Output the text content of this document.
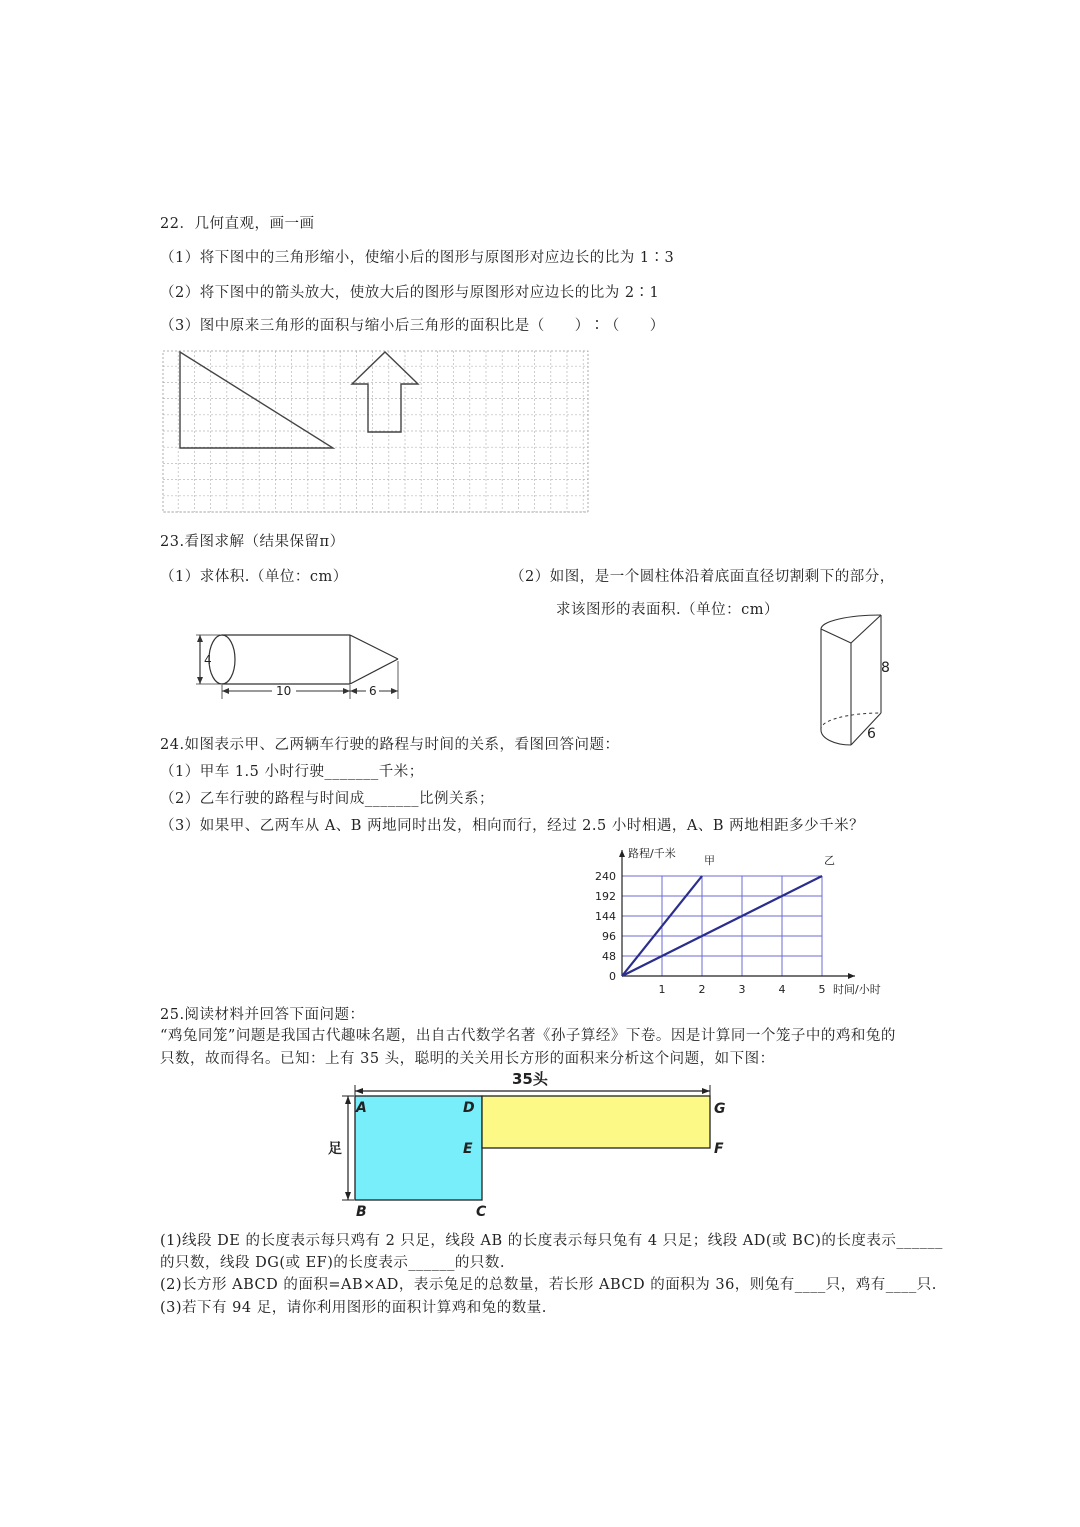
22．几何直观，画一画
（1）将下图中的三角形缩小，使缩小后的图形与原图形对应边长的比为 1∶3
（2）将下图中的箭头放大，使放大后的图形与原图形对应边长的比为 2∶1
（3）图中原来三角形的面积与缩小后三角形的面积比是（　　）∶（　　）
23.看图求解（结果保留π）
（1）求体积.（单位：cm）	（2）如图，是一个圆柱体沿着底面直径切割剩下的部分，
求该图形的表面积.（单位：cm）
4
10	6
8
6
24.如图表示甲、乙两辆车行驶的路程与时间的关系，看图回答问题：
（1）甲车 1.5 小时行驶_______千米；
（2）乙车行驶的路程与时间成_______比例关系；
（3）如果甲、乙两车从 A、B 两地同时出发，相向而行，经过 2.5 小时相遇，A、B 两地相距多少千米？
路程/千米
时间/小时
240
192
144
96
48
0
1	2	3	4	5
甲	乙
25.阅读材料并回答下面问题：
“鸡兔同笼”问题是我国古代趣味名题，出自古代数学名著《孙子算经》下卷。因是计算同一个笼子中的鸡和兔的
只数，故而得名。已知：上有 35 头，聪明的关关用长方形的面积来分析这个问题，如下图：
35头
足
A
B	C
D
E	F
G
(1)线段 DE 的长度表示每只鸡有 2 只足，线段 AB 的长度表示每只兔有 4 只足；线段 AD(或 BC)的长度表示______
的只数，线段 DG(或 EF)的长度表示______的只数.
(2)长方形 ABCD 的面积=AB×AD，表示兔足的总数量，若长形 ABCD 的面积为 36，则兔有____只，鸡有____只.
(3)若下有 94 足，请你利用图形的面积计算鸡和兔的数量.
